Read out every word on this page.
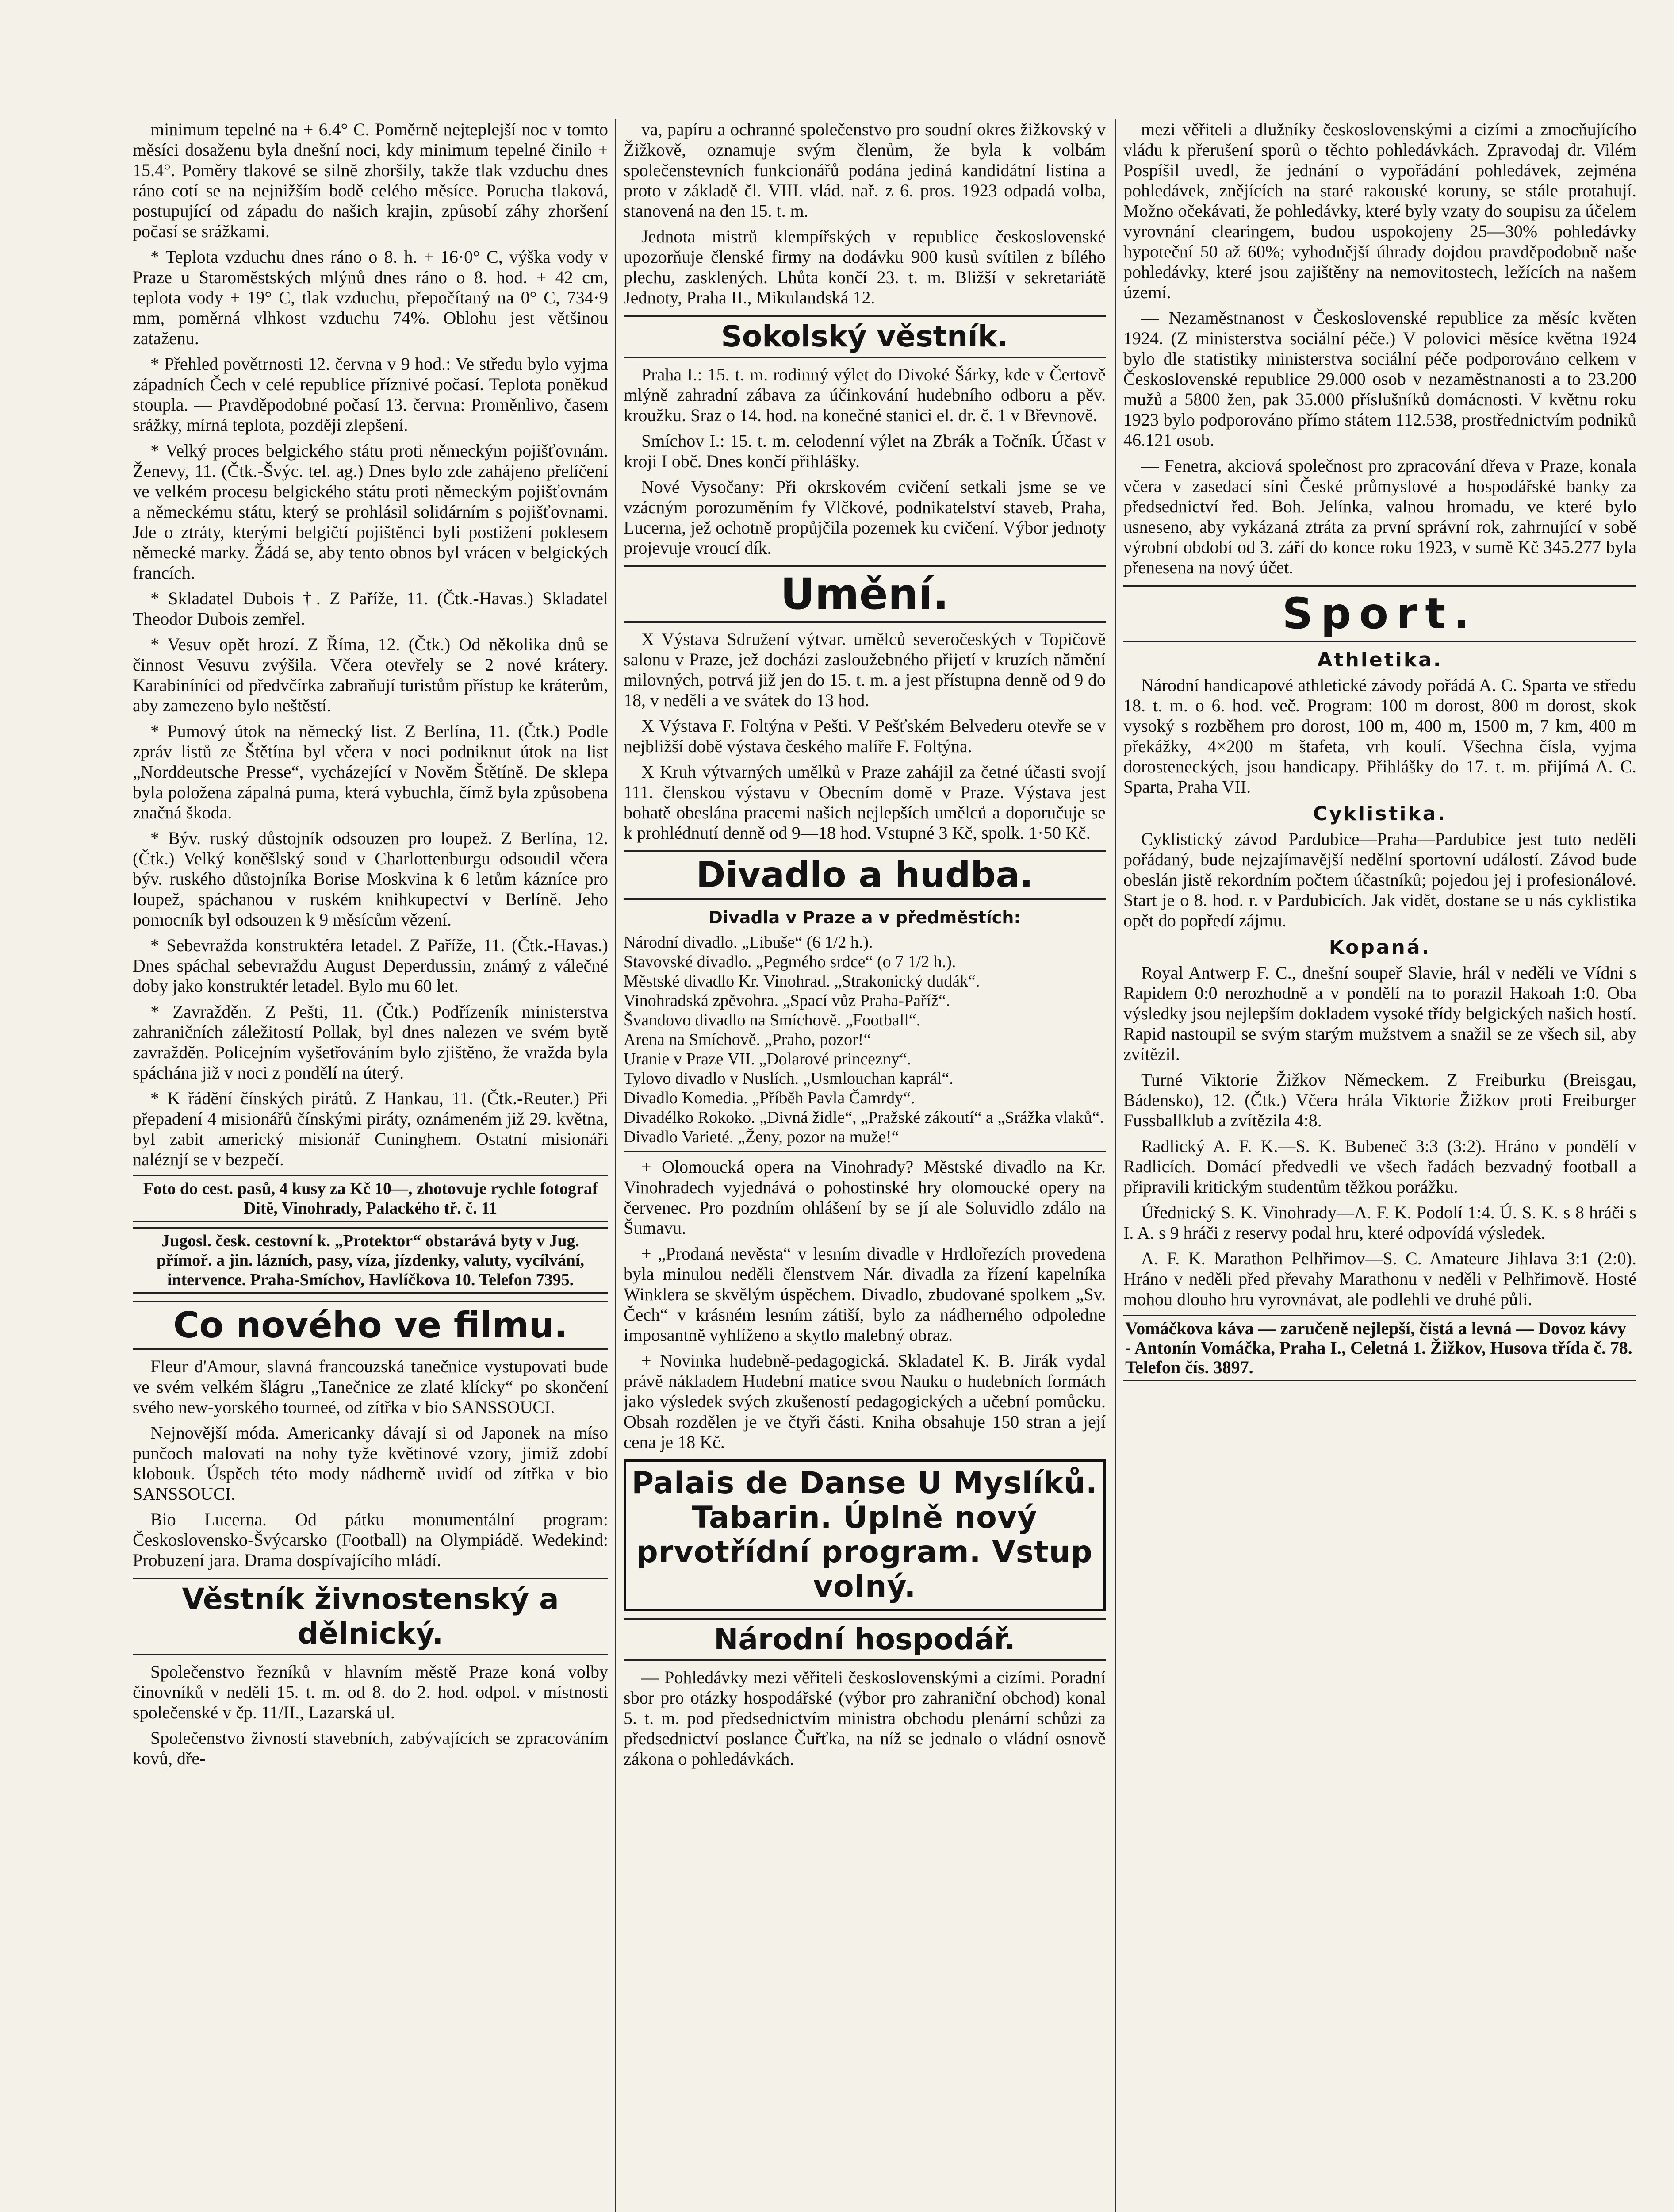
minimum tepelné na + 6.4° C. Poměrně nejteplejší noc v tomto měsíci dosaženu byla dnešní noci, kdy minimum tepelné činilo + 15.4°. Poměry tlakové se silně zhoršily, takže tlak vzduchu dnes ráno cotí se na nejnižším bodě celého měsíce. Porucha tlaková, postupující od západu do našich krajin, způsobí záhy zhoršení počasí se srážkami.

* Teplota vzduchu dnes ráno o 8. h. + 16·0° C, výška vody v Praze u Staroměstských mlýnů dnes ráno o 8. hod. + 42 cm, teplota vody + 19° C, tlak vzduchu, přepočítaný na 0° C, 734·9 mm, poměrná vlhkost vzduchu 74%. Oblohu jest většinou zataženu.

* Přehled povětrnosti 12. června v 9 hod.: Ve středu bylo vyjma západních Čech v celé republice příznivé počasí. Teplota poněkud stoupla. — Pravděpodobné počasí 13. června: Proměnlivo, časem srážky, mírná teplota, později zlepšení.

* Velký proces belgického státu proti německým pojišťovnám. Ženevy, 11. (Čtk.-Švýc. tel. ag.) Dnes bylo zde zahájeno přelíčení ve velkém procesu belgického státu proti německým pojišťovnám a německému státu, který se prohlásil solidárním s pojišťovnami. Jde o ztráty, kterými belgičtí pojištěnci byli postižení poklesem německé marky. Žádá se, aby tento obnos byl vrácen v belgických francích.

* Skladatel Dubois †. Z Paříže, 11. (Čtk.-Havas.) Skladatel Theodor Dubois zemřel.

* Vesuv opět hrozí. Z Říma, 12. (Čtk.) Od několika dnů se činnost Vesuvu zvýšila. Včera otevřely se 2 nové krátery. Karabiníníci od předvčírka zabraňují turistům přístup ke kráterům, aby zamezeno bylo neštěstí.

* Pumový útok na německý list. Z Berlína, 11. (Čtk.) Podle zpráv listů ze Štětína byl včera v noci podniknut útok na list „Norddeutsche Presse“, vycházející v Nověm Štětíně. De sklepa byla položena zápalná puma, která vybuchla, čímž byla způsobena značná škoda.

* Býv. ruský důstojník odsouzen pro loupež. Z Berlína, 12. (Čtk.) Velký koněšlský soud v Charlottenburgu odsoudil včera býv. ruského důstojníka Borise Moskvina k 6 letům kázníce pro loupež, spáchanou v ruském knihkupectví v Berlíně. Jeho pomocník byl odsouzen k 9 měsícům vězení.

* Sebevražda konstruktéra letadel. Z Paříže, 11. (Čtk.-Havas.) Dnes spáchal sebevraždu August Deperdussin, známý z válečné doby jako konstruktér letadel. Bylo mu 60 let.

* Zavražděn. Z Pešti, 11. (Čtk.) Podřízeník ministerstva zahraničních záležitostí Pollak, byl dnes nalezen ve svém bytě zavražděn. Policejním vyšetřováním bylo zjištěno, že vražda byla spáchána již v noci z pondělí na úterý.

* K řádění čínských pirátů. Z Hankau, 11. (Čtk.-Reuter.) Při přepadení 4 misionářů čínskými piráty, oznámeném již 29. května, byl zabit americký misionář Cuninghem. Ostatní misionáři naléznjí se v bezpečí.

Foto do cest. pasů, 4 kusy za Kč 10—, zhotovuje rychle fotograf Ditě, Vinohrady, Palackého tř. č. 11
Jugosl. česk. cestovní k. „Protektor“ obstarává byty v Jug. přímoř. a jin. lázních, pasy, víza, jízdenky, valuty, vycílvání, intervence. Praha-Smíchov, Havlíčkova 10. Telefon 7395.
Co nového ve filmu.

Fleur d'Amour, slavná francouzská tanečnice vystupovati bude ve svém velkém šlágru „Tanečnice ze zlaté klícky“ po skončení svého new-yorského tourneé, od zítřka v bio SANSSOUCI.

Nejnovější móda. Americanky dávají si od Japonek na míso punčoch malovati na nohy tyže květinové vzory, jimiž zdobí klobouk. Úspěch této mody nádherně uvidí od zítřka v bio SANSSOUCI.

Bio Lucerna. Od pátku monumentální program: Československo-Švýcarsko (Football) na Olympiádě. Wedekind: Probuzení jara. Drama dospívajícího mládí.

Věstník živnostenský a dělnický.

Společenstvo řezníků v hlavním městě Praze koná volby činovníků v neděli 15. t. m. od 8. do 2. hod. odpol. v místnosti společenské v čp. 11/II., Lazarská ul.

Společenstvo živností stavebních, zabývajících se zpracováním kovů, dře-

va, papíru a ochranné společenstvo pro soudní okres žižkovský v Žižkově, oznamuje svým členům, že byla k volbám společenstevních funkcionářů podána jediná kandidátní listina a proto v základě čl. VIII. vlád. nař. z 6. pros. 1923 odpadá volba, stanovená na den 15. t. m.

Jednota mistrů klempířských v republice československé upozorňuje členské firmy na dodávku 900 kusů svítilen z bílého plechu, zasklených. Lhůta končí 23. t. m. Bližší v sekretariátě Jednoty, Praha II., Mikulandská 12.

Sokolský věstník.

Praha I.: 15. t. m. rodinný výlet do Divoké Šárky, kde v Čertově mlýně zahradní zábava za účinkování hudebního odboru a pěv. kroužku. Sraz o 14. hod. na konečné stanici el. dr. č. 1 v Břevnově.

Smíchov I.: 15. t. m. celodenní výlet na Zbrák a Točník. Účast v kroji I obč. Dnes končí přihlášky.

Nové Vysočany: Při okrskovém cvičení setkali jsme se ve vzácným porozuměním fy Vlčkové, podnikatelství staveb, Praha, Lucerna, jež ochotně propůjčila pozemek ku cvičení. Výbor jednoty projevuje vroucí dík.

Umění.

X Výstava Sdružení výtvar. umělců severočeských v Topičově salonu v Praze, jež docházi zasloužebného přijetí v kruzích nămění milovných, potrvá již jen do 15. t. m. a jest přístupna denně od 9 do 18, v neděli a ve svátek do 13 hod.

X Výstava F. Foltýna v Pešti. V Pešťském Belvederu otevře se v nejbližší době výstava českého malíře F. Foltýna.

X Kruh výtvarných umělků v Praze zahájil za četné účasti svojí 111. členskou výstavu v Obecním domě v Praze. Výstava jest bohatě obeslána pracemi našich nejlepších umělců a doporučuje se k prohlédnutí denně od 9—18 hod. Vstupné 3 Kč, spolk. 1·50 Kč.

Divadlo a hudba.
Divadla v Praze a v předměstích:

Národní divadlo. „Libuše“ (6 1/2 h.).

Stavovské divadlo. „Pegmého srdce“ (o 7 1/2 h.).

Městské divadlo Kr. Vinohrad. „Strakonický dudák“.

Vinohradská zpěvohra. „Spací vůz Praha-Paříž“.

Švandovo divadlo na Smíchově. „Football“.

Arena na Smíchově. „Praho, pozor!“

Uranie v Praze VII. „Dolarové princezny“.

Tylovo divadlo v Nuslích. „Usmlouchan kaprál“.

Divadlo Komedia. „Příběh Pavla Čamrdy“.

Divadélko Rokoko. „Divná židle“, „Pražské zákoutí“ a „Srážka vlaků“.

Divadlo Varieté. „Ženy, pozor na muže!“

+ Olomoucká opera na Vinohrady? Městské divadlo na Kr. Vinohradech vyjednává o pohostinské hry olomoucké opery na červenec. Pro pozdním ohlášení by se jí ale Soluvidlo zdálo na Šumavu.

+ „Prodaná nevěsta“ v lesním divadle v Hrdlořezích provedena byla minulou neděli členstvem Nár. divadla za řízení kapelníka Winklera se skvělým úspěchem. Divadlo, zbudované spolkem „Sv. Čech“ v krásném lesním zátiší, bylo za nádherného odpoledne imposantně vyhlíženo a skytlo malebný obraz.

+ Novinka hudebně-pedagogická. Skladatel K. B. Jirák vydal právě nákladem Hudební matice svou Nauku o hudebních formách jako výsledek svých zkušeností pedagogických a učební pomůcku. Obsah rozdělen je ve čtyři části. Kniha obsahuje 150 stran a její cena je 18 Kč.

Palais de Danse U Myslíků. Tabarin. Úplně nový prvotřídní program. Vstup volný.
Národní hospodář.

— Pohledávky mezi věřiteli československými a cizími. Poradní sbor pro otázky hospodářské (výbor pro zahraniční obchod) konal 5. t. m. pod předsednictvím ministra obchodu plenární schůzi za předsednictví poslance Čuřťka, na níž se jednalo o vládní osnově zákona o pohledávkách.

mezi věřiteli a dlužníky československými a cizími a zmocňujícího vládu k přerušení sporů o těchto pohledávkách. Zpravodaj dr. Vilém Pospíšil uvedl, že jednání o vypořádání pohledávek, zejména pohledávek, znějících na staré rakouské koruny, se stále protahují. Možno očekávati, že pohledávky, které byly vzaty do soupisu za účelem vyrovnání clearingem, budou uspokojeny 25—30% pohledávky hypoteční 50 až 60%; vyhodnější úhrady dojdou pravděpodobně naše pohledávky, které jsou zajištěny na nemovitostech, ležících na našem území.

— Nezaměstnanost v Československé republice za měsíc květen 1924. (Z ministerstva sociální péče.) V polovici měsíce května 1924 bylo dle statistiky ministerstva sociální péče podporováno celkem v Československé republice 29.000 osob v nezaměstnanosti a to 23.200 mužů a 5800 žen, pak 35.000 příslušníků domácnosti. V květnu roku 1923 bylo podporováno přímo státem 112.538, prostřednictvím podniků 46.121 osob.

— Fenetra, akciová společnost pro zpracování dřeva v Praze, konala včera v zasedací síni České průmyslové a hospodářské banky za předsednictví řed. Boh. Jelínka, valnou hromadu, ve které bylo usneseno, aby vykázaná ztráta za první správní rok, zahrnující v sobě výrobní období od 3. září do konce roku 1923, v sumě Kč 345.277 byla přenesena na nový účet.

Sport.
Athletika.

Národní handicapové athletické závody pořádá A. C. Sparta ve středu 18. t. m. o 6. hod. več. Program: 100 m dorost, 800 m dorost, skok vysoký s rozběhem pro dorost, 100 m, 400 m, 1500 m, 7 km, 400 m překážky, 4×200 m štafeta, vrh koulí. Všechna čísla, vyjma dorosteneckých, jsou handicapy. Přihlášky do 17. t. m. přijímá A. C. Sparta, Praha VII.

Cyklistika.

Cyklistický závod Pardubice—Praha—Pardubice jest tuto neděli pořádaný, bude nejzajímavější nedělní sportovní událostí. Závod bude obeslán jistě rekordním počtem účastníků; pojedou jej i profesionálové. Start je o 8. hod. r. v Pardubicích. Jak vidět, dostane se u nás cyklistika opět do popředí zájmu.

Kopaná.

Royal Antwerp F. C., dnešní soupeř Slavie, hrál v neděli ve Vídni s Rapidem 0:0 nerozhodně a v pondělí na to porazil Hakoah 1:0. Oba výsledky jsou nejlepším dokladem vysoké třídy belgických našich hostí. Rapid nastoupil se svým starým mužstvem a snažil se ze všech sil, aby zvítězil.

Turné Viktorie Žižkov Německem. Z Freiburku (Breisgau, Bádensko), 12. (Čtk.) Včera hrála Viktorie Žižkov proti Freiburger Fussballklub a zvítězila 4:8.

Radlický A. F. K.—S. K. Bubeneč 3:3 (3:2). Hráno v pondělí v Radlicích. Domácí předvedli ve všech řadách bezvadný football a připravili kritickým studentům těžkou porážku.

Úřednický S. K. Vinohrady—A. F. K. Podolí 1:4. Ú. S. K. s 8 hráči s I. A. s 9 hráči z reservy podal hru, které odpovídá výsledek.

A. F. K. Marathon Pelhřimov—S. C. Amateure Jihlava 3:1 (2:0). Hráno v neděli před převahy Marathonu v neděli v Pelhřimově. Hosté mohou dlouho hru vyrovnávat, ale podlehli ve druhé půli.

Vomáčkova káva — zaručeně nejlepší, čistá a levná — Dovoz kávy - Antonín Vomáčka, Praha I., Celetná 1. Žižkov, Husova třída č. 78. Telefon čís. 3897.
